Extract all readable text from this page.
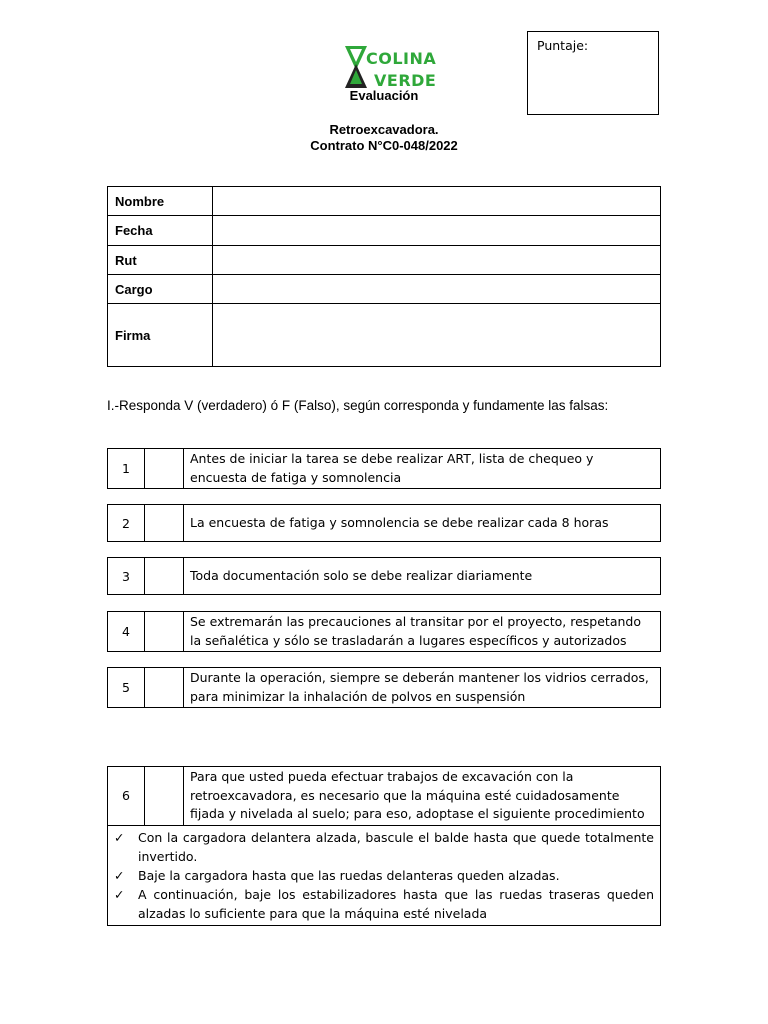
COLINA
VERDE
Evaluación
Puntaje:
Retroexcavadora.
Contrato N°C0-048/2022
Nombre	
Fecha	
Rut	
Cargo	
Firma	
I.-Responda V (verdadero) ó F (Falso), según corresponda y fundamente las falsas:
1		Antes de iniciar la tarea se debe realizar ART, lista de chequeo y encuesta de fatiga y somnolencia
2		La encuesta de fatiga y somnolencia se debe realizar cada 8 horas
3		Toda documentación solo se debe realizar diariamente
4		Se extremarán las precauciones al transitar por el proyecto, respetando la señalética y sólo se trasladarán a lugares específicos y autorizados
5		Durante la operación, siempre se deberán mantener los vidrios cerrados, para minimizar la inhalación de polvos en suspensión
6		Para que usted pueda efectuar trabajos de excavación con la retroexcavadora, es necesario que la máquina esté cuidadosamente fijada y nivelada al suelo; para eso, adoptase el siguiente procedimiento

✓	Con la cargadora delantera alzada, bascule el balde hasta que quede totalmente invertido.
✓	Baje la cargadora hasta que las ruedas delanteras queden alzadas.
✓	A continuación, baje los estabilizadores hasta que las ruedas traseras queden alzadas lo suficiente para que la máquina esté nivelada
